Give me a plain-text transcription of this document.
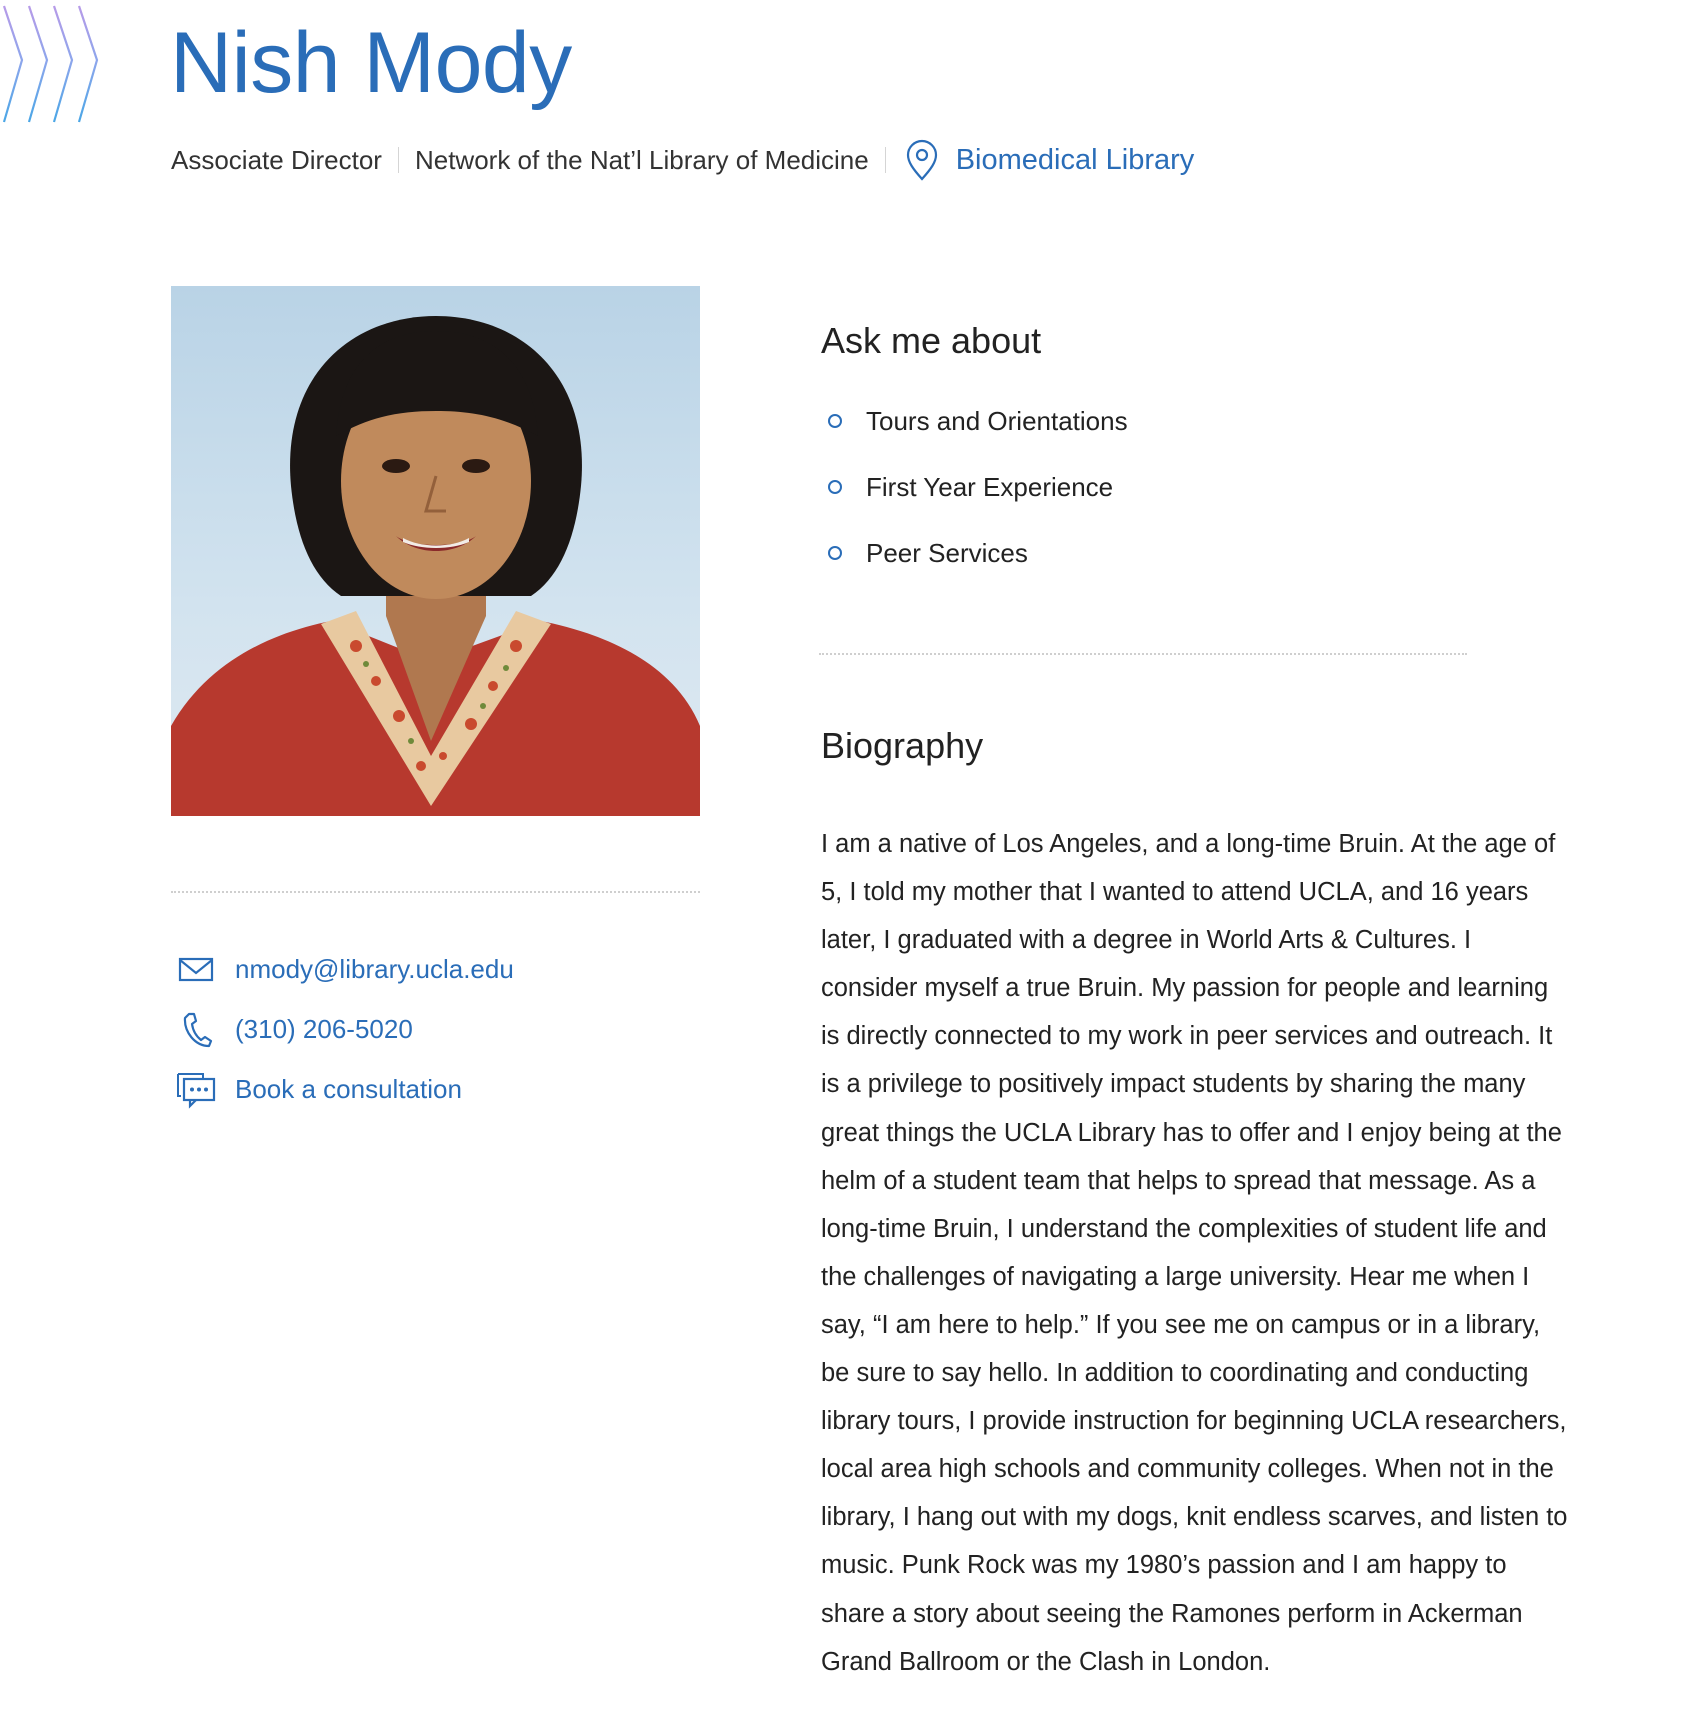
Nish Mody
Associate Director Network of the Nat’l Library of Medicine	Biomedical Library
nmody@library.ucla.edu
(310) 206-5020
Book a consultation
Ask me about
Tours and Orientations
First Year Experience
Peer Services
Biography

I am a native of Los Angeles, and a long-time Bruin. At the age of 5, I told my mother that I wanted to attend UCLA, and 16 years later, I graduated with a degree in World Arts & Cultures. I consider myself a true Bruin. My passion for people and learning is directly connected to my work in peer services and outreach. It is a privilege to positively impact students by sharing the many great things the UCLA Library has to offer and I enjoy being at the helm of a student team that helps to spread that message. As a long-time Bruin, I understand the complexities of student life and the challenges of navigating a large university. Hear me when I say, “I am here to help.” If you see me on campus or in a library, be sure to say hello. In addition to coordinating and conducting library tours, I provide instruction for beginning UCLA researchers, local area high schools and community colleges. When not in the library, I hang out with my dogs, knit endless scarves, and listen to music. Punk Rock was my 1980’s passion and I am happy to share a story about seeing the Ramones perform in Ackerman Grand Ballroom or the Clash in London.
